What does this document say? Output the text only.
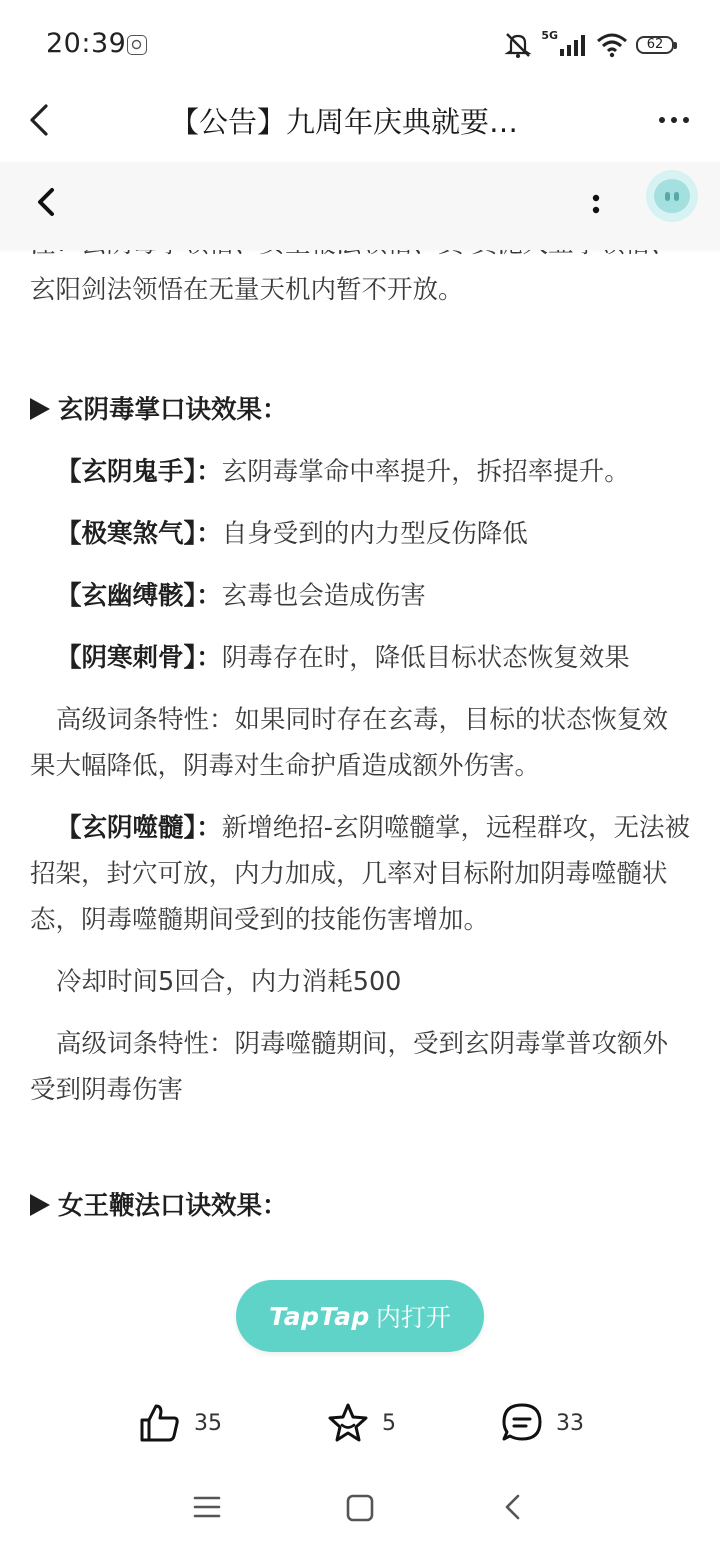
20:39	5G
62
【公告】九周年庆典就要…

玄阳剑法领悟在无量天机内暂不开放。

玄阴毒掌口诀效果：

【玄阴鬼手】：玄阴毒掌命中率提升，拆招率提升。

【极寒煞气】：自身受到的内力型反伤降低

【玄幽缚骸】：玄毒也会造成伤害

【阴寒刺骨】：阴毒存在时，降低目标状态恢复效果

高级词条特性：如果同时存在玄毒，目标的状态恢复效果大幅降低，阴毒对生命护盾造成额外伤害。

【玄阴噬髓】：新增绝招-玄阴噬髓掌，远程群攻，无法被招架，封穴可放，内力加成，几率对目标附加阴毒噬髓状态，阴毒噬髓期间受到的技能伤害增加。

冷却时间5回合，内力消耗500

高级词条特性：阴毒噬髓期间，受到玄阴毒掌普攻额外受到阴毒伤害

女王鞭法口诀效果：
TapTap 内打开
35	5	33
